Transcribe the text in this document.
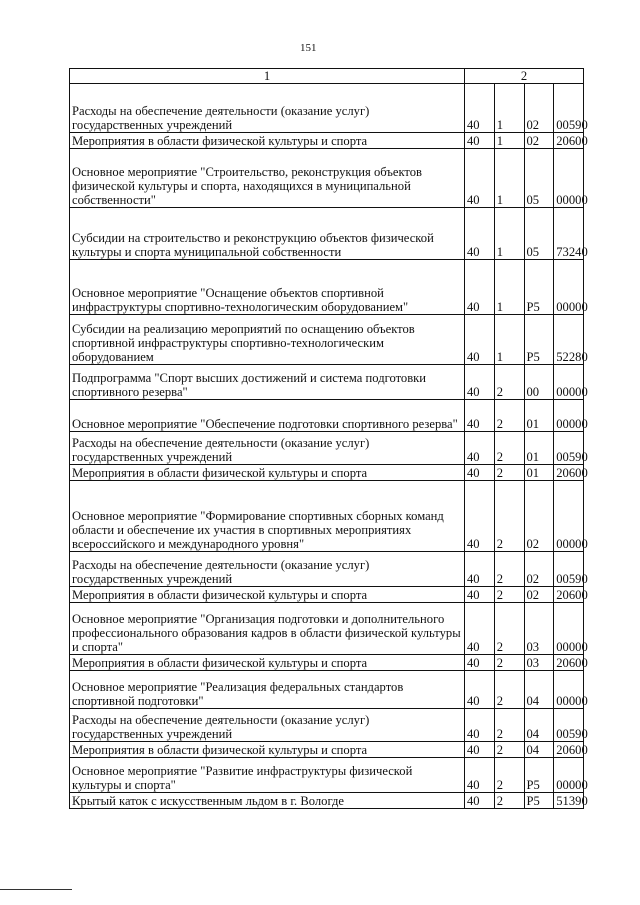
151
1	2			
Расходы на обеспечение деятельности (оказание услуг) государственных учреждений	40	1	02	00590
Мероприятия в области физической культуры и спорта	40	1	02	20600
Основное мероприятие "Строительство, реконструкция объектов физической культуры и спорта, находящихся в муниципальной собственности"	40	1	05	00000
Субсидии на строительство и реконструкцию объектов физической культуры и спорта муниципальной собственности	40	1	05	73240
Основное мероприятие "Оснащение объектов спортивной инфраструктуры спортивно-технологическим оборудованием"	40	1	P5	00000
Субсидии на реализацию мероприятий по оснащению объектов спортивной инфраструктуры спортивно-технологическим оборудованием	40	1	P5	52280
Подпрограмма "Спорт высших достижений и система подготовки спортивного резерва"	40	2	00	00000
Основное мероприятие "Обеспечение подготовки спортивного резерва"	40	2	01	00000
Расходы на обеспечение деятельности (оказание услуг) государственных учреждений	40	2	01	00590
Мероприятия в области физической культуры и спорта	40	2	01	20600
Основное мероприятие "Формирование спортивных сборных команд области и обеспечение их участия в спортивных мероприятиях всероссийского и международного уровня"	40	2	02	00000
Расходы на обеспечение деятельности (оказание услуг) государственных учреждений	40	2	02	00590
Мероприятия в области физической культуры и спорта	40	2	02	20600
Основное мероприятие "Организация подготовки и дополнительного профессионального образования кадров в области физической культуры и спорта"	40	2	03	00000
Мероприятия в области физической культуры и спорта	40	2	03	20600
Основное мероприятие "Реализация федеральных стандартов спортивной подготовки"	40	2	04	00000
Расходы на обеспечение деятельности (оказание услуг) государственных учреждений	40	2	04	00590
Мероприятия в области физической культуры и спорта	40	2	04	20600
Основное мероприятие "Развитие инфраструктуры физической культуры и спорта"	40	2	P5	00000
Крытый каток с искусственным льдом в г. Вологде	40	2	P5	51390
